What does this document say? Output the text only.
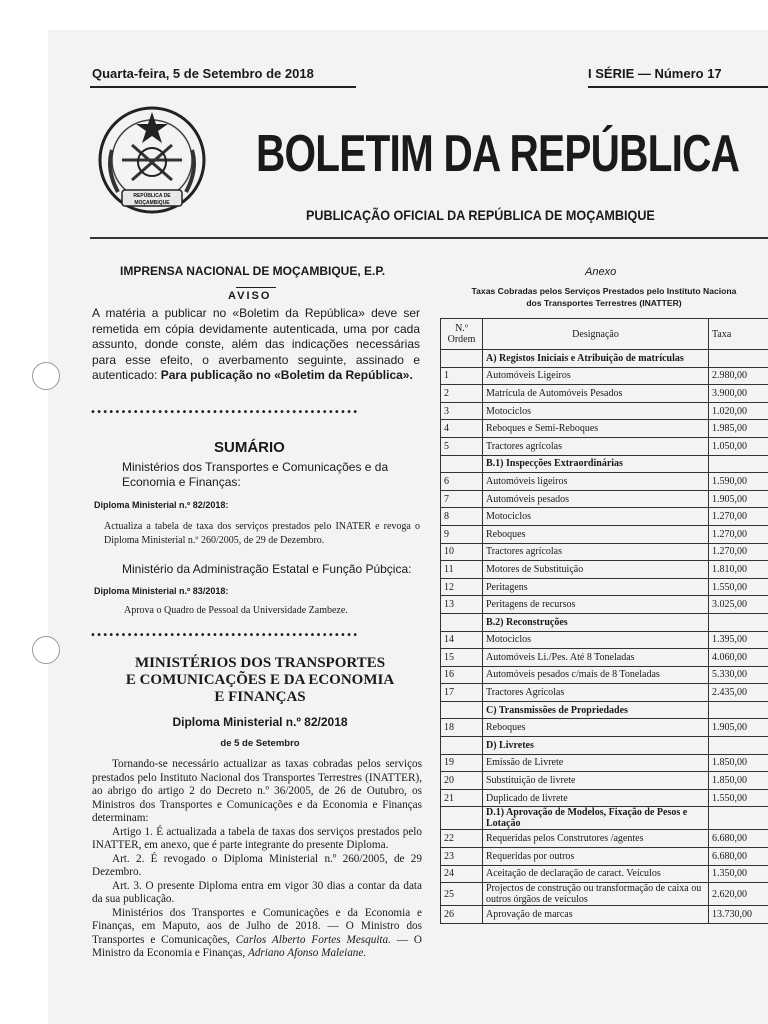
Quarta-feira, 5 de Setembro de 2018	I SÉRIE — Número 17
REPÚBLICA DE
MOÇAMBIQUE
BOLETIM DA REPÚBLICA
PUBLICAÇÃO OFICIAL DA REPÚBLICA DE MOÇAMBIQUE
IMPRENSA NACIONAL DE MOÇAMBIQUE, E.P.
AVISO
A matéria a publicar no «Boletim da República» deve ser remetida em cópia devidamente autenticada, uma por cada assunto, donde conste, além das indicações necessárias para esse efeito, o averbamento seguinte, assinado e autenticado: Para publicação no «Boletim da República».
••••••••••••••••••••••••••••••••••••••••••••
SUMÁRIO
Ministérios dos Transportes e Comunicações e da Economia e Finanças:
Diploma Ministerial n.º 82/2018:
Actualiza a tabela de taxa dos serviços prestados pelo INATER e revoga o Diploma Ministerial n.º 260/2005, de 29 de Dezembro.
Ministério da Administração Estatal e Função Púbçica:
Diploma Ministerial n.º 83/2018:
Aprova o Quadro de Pessoal da Universidade Zambeze.
••••••••••••••••••••••••••••••••••••••••••••
MINISTÉRIOS DOS TRANSPORTES
E COMUNICAÇÕES E DA ECONOMIA
E FINANÇAS
Diploma Ministerial n.º 82/2018
de 5 de Setembro

Tornando-se necessário actualizar as taxas cobradas pelos serviços prestados pelo Instituto Nacional dos Transportes Terrestres (INATTER), ao abrigo do artigo 2 do Decreto n.º 36/2005, de 26 de Outubro, os Ministros dos Transportes e Comunicações e da Economia e Finanças determinam:

Artigo 1. É actualizada a tabela de taxas dos serviços prestados pelo INATTER, em anexo, que é parte integrante do presente Diploma.

Art. 2. É revogado o Diploma Ministerial n.º 260/2005, de 29 Dezembro.

Art. 3. O presente Diploma entra em vigor 30 dias a contar da data da sua publicação.

Ministérios dos Transportes e Comunicações e da Economia e Finanças, em Maputo, aos de Julho de 2018. — O Ministro dos Transportes e Comunicações, Carlos Alberto Fortes Mesquita. — O Ministro da Economia e Finanças, Adriano Afonso Maleiane.

Anexo
Taxas Cobradas pelos Serviços Prestados pelo Instituto Naciona
dos Transportes Terrestres (INATTER)
N.º Ordem	Designação	Taxa
	A) Registos Iniciais e Atribuição de matrículas	
1	Automóveis Ligeiros	2.980,00
2	Matrícula de Automóveis Pesados	3.900,00
3	Motociclos	1.020,00
4	Reboques e Semi-Reboques	1.985,00
5	Tractores agrícolas	1.050,00
	B.1) Inspecções Extraordinárias	
6	Automóveis ligeiros	1.590,00
7	Automóveis pesados	1.905,00
8	Motociclos	1.270,00
9	Reboques	1.270,00
10	Tractores agrícolas	1.270,00
11	Motores de Substituição	1.810,00
12	Peritagens	1.550,00
13	Peritagens de recursos	3.025,00
	B.2) Reconstruções	
14	Motociclos	1.395,00
15	Automóveis Li./Pes. Até 8 Toneladas	4.060,00
16	Automóveis pesados c/mais de 8 Toneladas	5.330,00
17	Tractores Agrícolas	2.435,00
	C) Transmissões de Propriedades	
18	Reboques	1.905,00
	D) Livretes	
19	Emissão de Livrete	1.850,00
20	Substituição de livrete	1.850,00
21	Duplicado de livrete	1.550,00
	D.1) Aprovação de Modelos, Fixação de Pesos e Lotação	
22	Requeridas pelos Construtores /agentes	6.680,00
23	Requeridas por outros	6.680,00
24	Aceitação de declaração de caract. Veículos	1.350,00
25	Projectos de construção ou transformação de caixa ou outros órgãos de veículos	2.620,00
26	Aprovação de marcas	13.730,00
